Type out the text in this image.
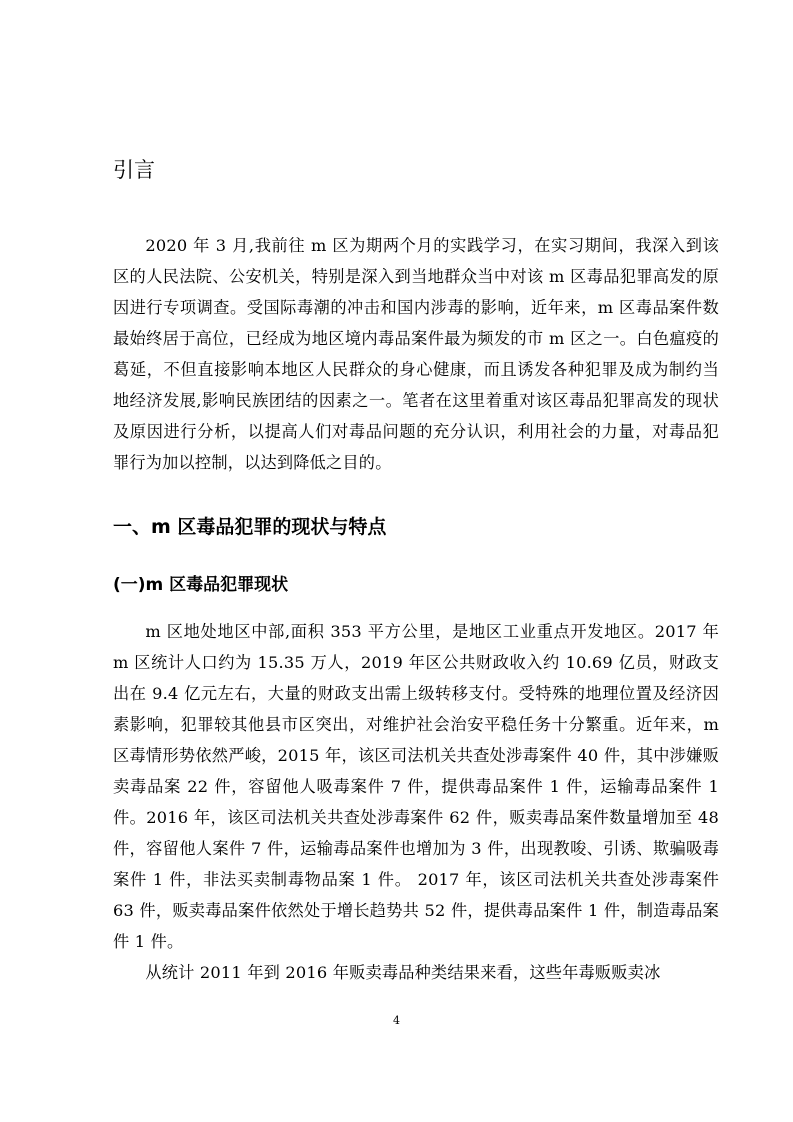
引言

2020 年 3 月,我前往 m 区为期两个月的实践学习，在实习期间，我深入到该区的人民法院、公安机关，特别是深入到当地群众当中对该 m 区毒品犯罪高发的原因进行专项调查。受国际毒潮的冲击和国内涉毒的影响，近年来，m 区毒品案件数最始终居于高位，已经成为地区境内毒品案件最为频发的市 m 区之一。白色瘟疫的葛延，不但直接影响本地区人民群众的身心健康，而且诱发各种犯罪及成为制约当地经济发展,影响民族团结的因素之一。笔者在这里着重对该区毒品犯罪高发的现状及原因进行分析，以提高人们对毒品问题的充分认识，利用社会的力量，对毒品犯罪行为加以控制，以达到降低之目的。

一、m 区毒品犯罪的现状与特点
(一)m 区毒品犯罪现状

m 区地处地区中部,面积 353 平方公里，是地区工业重点开发地区。2017 年 m 区统计人口约为 15.35 万人，2019 年区公共财政收入约 10.69 亿员，财政支出在 9.4 亿元左右，大量的财政支出需上级转移支付。受特殊的地理位置及经济因素影响，犯罪较其他县市区突出，对维护社会治安平稳任务十分繁重。近年来，m 区毒情形势依然严峻，2015 年，该区司法机关共查处涉毒案件 40 件，其中涉嫌贩卖毒品案 22 件，容留他人吸毒案件 7 件，提供毒品案件 1 件，运输毒品案件 1 件。2016 年，该区司法机关共查处涉毒案件 62 件，贩卖毒品案件数量增加至 48 件，容留他人案件 7 件，运输毒品案件也增加为 3 件，出现教唆、引诱、欺骗吸毒案件 1 件，非法买卖制毒物品案 1 件。 2017 年，该区司法机关共查处涉毒案件 63 件，贩卖毒品案件依然处于增长趋势共 52 件，提供毒品案件 1 件，制造毒品案件 1 件。

从统计 2011 年到 2016 年贩卖毒品种类结果来看，这些年毒贩贩卖冰

4
